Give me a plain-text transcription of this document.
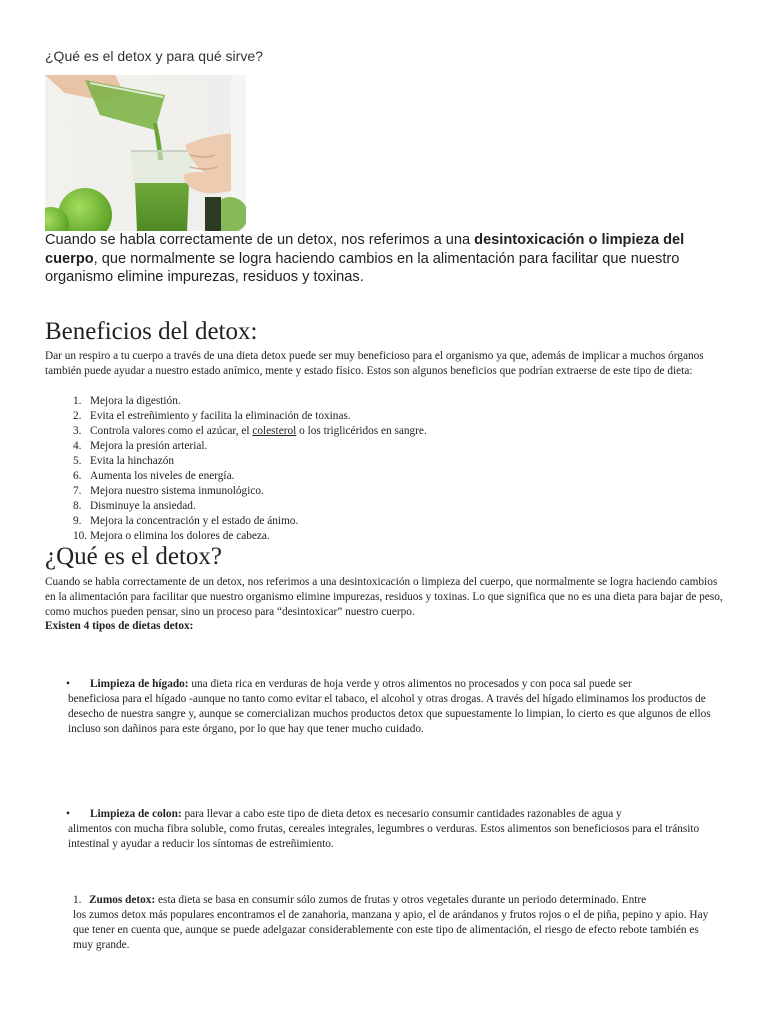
¿Qué es el detox y para qué sirve?
Cuando se habla correctamente de un detox, nos referimos a una desintoxicación o limpieza del cuerpo, que normalmente se logra haciendo cambios en la alimentación para facilitar que nuestro organismo elimine impurezas, residuos y toxinas.
Beneficios del detox:

Dar un respiro a tu cuerpo a través de una dieta detox puede ser muy beneficioso para el organismo ya que, además de implicar a muchos órganos también puede ayudar a nuestro estado anímico, mente y estado físico. Estos son algunos beneficios que podrían extraerse de este tipo de dieta:

1. Mejora la digestión.
2. Evita el estreñimiento y facilita la eliminación de toxinas.
3. Controla valores como el azúcar, el colesterol o los triglicéridos en sangre.
4. Mejora la presión arterial.
5. Evita la hinchazón
6. Aumenta los niveles de energía.
7. Mejora nuestro sistema inmunológico.
8. Disminuye la ansiedad.
9. Mejora la concentración y el estado de ánimo.
10. Mejora o elimina los dolores de cabeza.
¿Qué es el detox?

Cuando se habla correctamente de un detox, nos referimos a una desintoxicación o limpieza del cuerpo, que normalmente se logra haciendo cambios en la alimentación para facilitar que nuestro organismo elimine impurezas, residuos y toxinas. Lo que significa que no es una dieta para bajar de peso, como muchos pueden pensar, sino un proceso para “desintoxicar” nuestro cuerpo.

Existen 4 tipos de dietas detox:
•	Limpieza de hígado: una dieta rica en verduras de hoja verde y otros alimentos no procesados y con poca sal puede ser
beneficiosa para el hígado -aunque no tanto como evitar el tabaco, el alcohol y otras drogas. A través del hígado eliminamos los productos de desecho de nuestra sangre y, aunque se comercializan muchos productos detox que supuestamente lo limpian, lo cierto es que algunos de ellos incluso son dañinos para este órgano, por lo que hay que tener mucho cuidado.
•	Limpieza de colon: para llevar a cabo este tipo de dieta detox es necesario consumir cantidades razonables de agua y
alimentos con mucha fibra soluble, como frutas, cereales integrales, legumbres o verduras. Estos alimentos son beneficiosos para el tránsito intestinal y ayudar a reducir los síntomas de estreñimiento.
1. Zumos detox: esta dieta se basa en consumir sólo zumos de frutas y otros vegetales durante un periodo determinado. Entre
los zumos detox más populares encontramos el de zanahoria, manzana y apio, el de arándanos y frutos rojos o el de piña, pepino y apio. Hay que tener en cuenta que, aunque se puede adelgazar considerablemente con este tipo de alimentación, el riesgo de efecto rebote también es muy grande.
